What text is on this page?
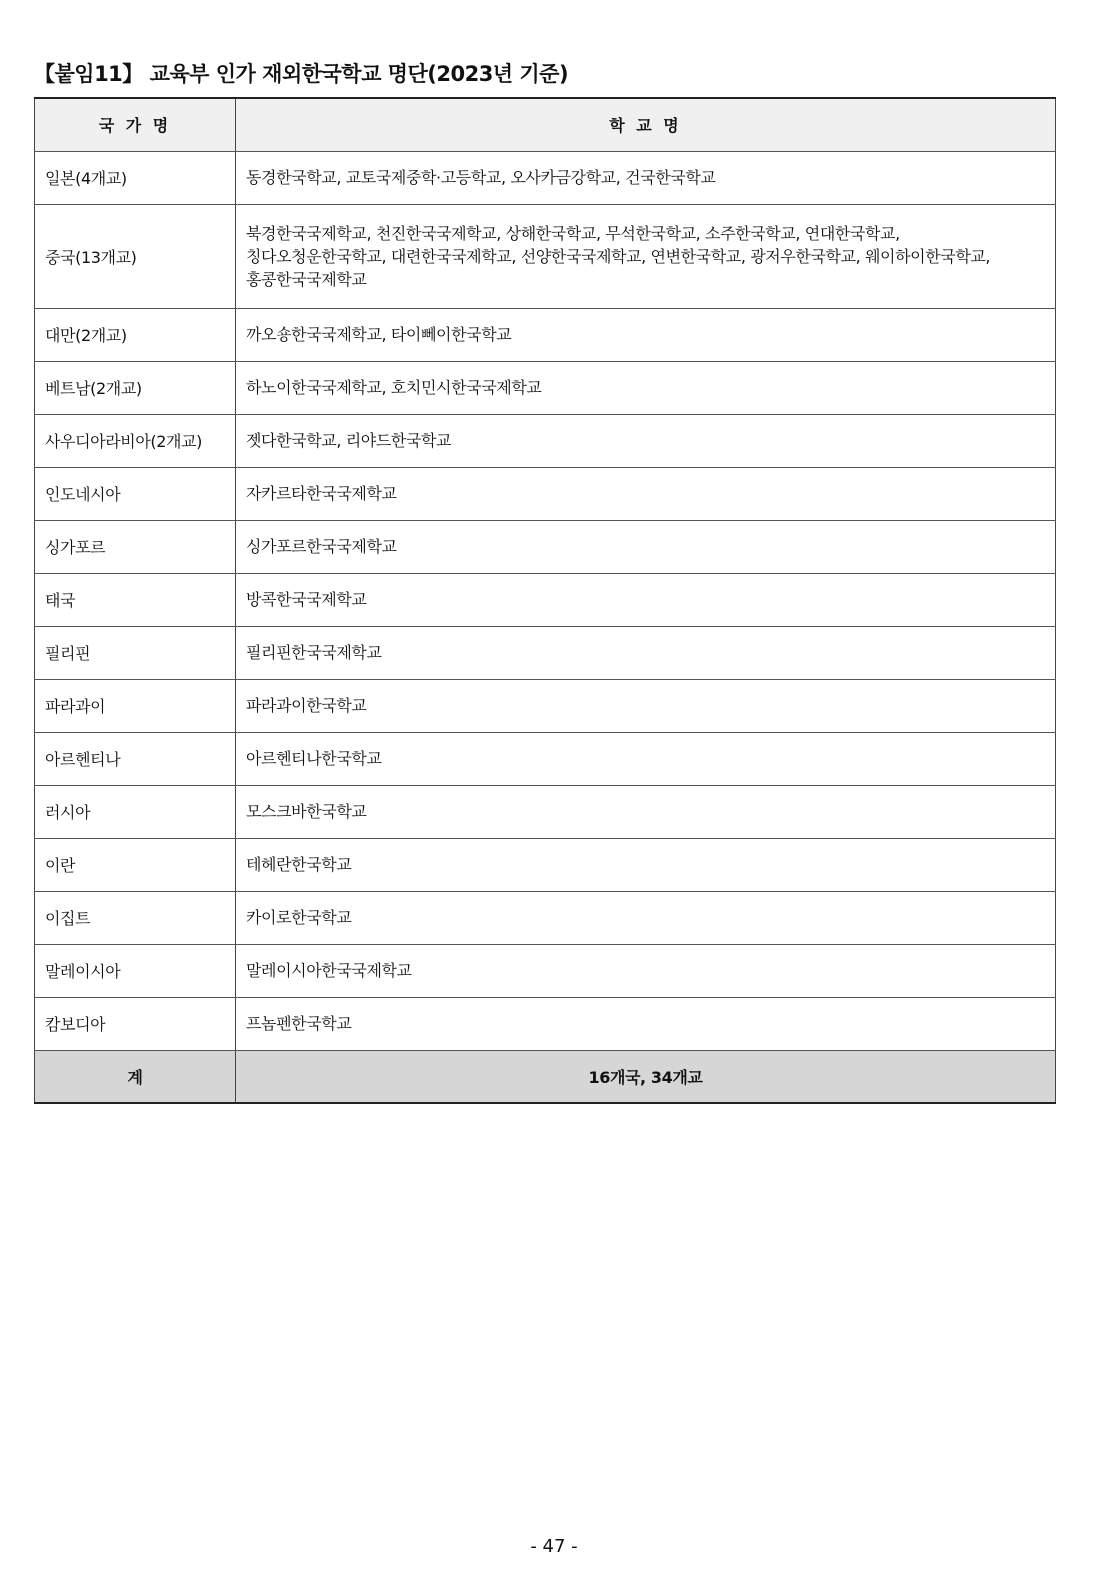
【붙임11】 교육부 인가 재외한국학교 명단(2023년 기준)
국 가 명	학 교 명
일본(4개교)	동경한국학교, 교토국제중학·고등학교, 오사카금강학교, 건국한국학교
중국(13개교)	북경한국국제학교, 천진한국국제학교, 상해한국학교, 무석한국학교, 소주한국학교, 연대한국학교,
칭다오청운한국학교, 대련한국국제학교, 선양한국국제학교, 연변한국학교, 광저우한국학교, 웨이하이한국학교,
홍콩한국국제학교

대만(2개교)	까오숑한국국제학교, 타이뻬이한국학교
베트남(2개교)	하노이한국국제학교, 호치민시한국국제학교
사우디아라비아(2개교)	젯다한국학교, 리야드한국학교
인도네시아	자카르타한국국제학교
싱가포르	싱가포르한국국제학교
태국	방콕한국국제학교
필리핀	필리핀한국국제학교
파라과이	파라과이한국학교
아르헨티나	아르헨티나한국학교
러시아	모스크바한국학교
이란	테헤란한국학교
이집트	카이로한국학교
말레이시아	말레이시아한국국제학교
캄보디아	프놈펜한국학교
계	16개국, 34개교
- 47 -
